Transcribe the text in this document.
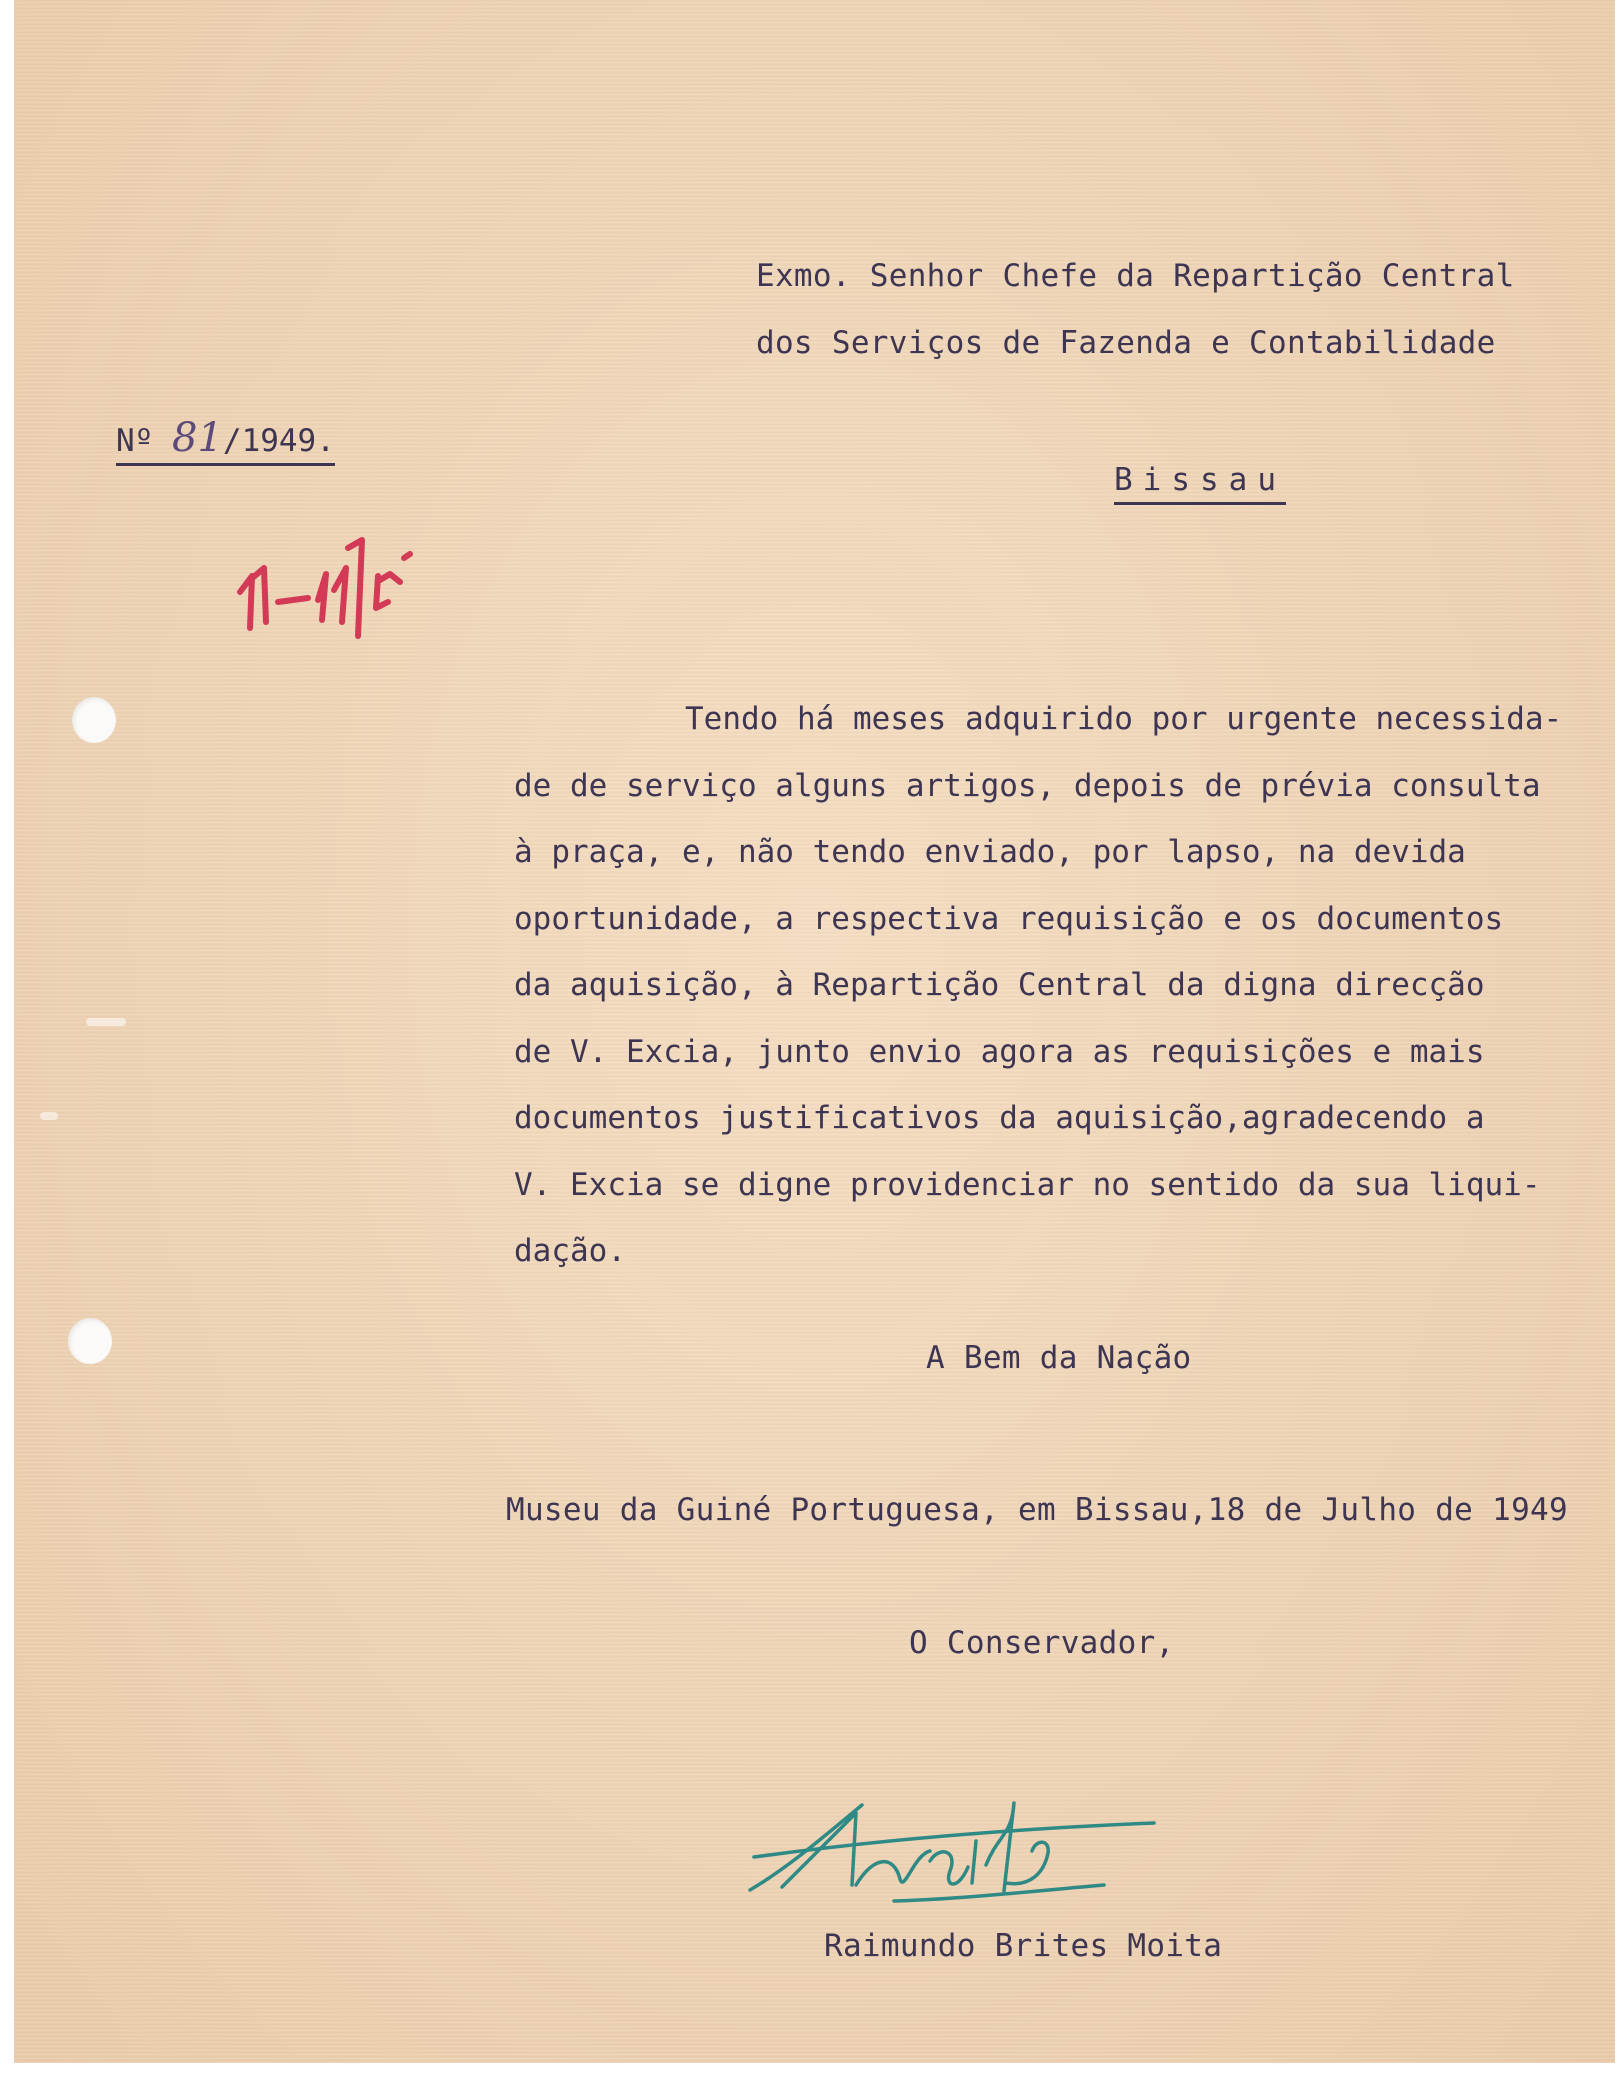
Exmo. Senhor Chefe da Repartição Central

dos Serviços de Fazenda e Contabilidade

Bissau

Nº 81/1949.
Tendo há meses adquirido por urgente necessida-
de de serviço alguns artigos, depois de prévia consulta
à praça, e, não tendo enviado, por lapso, na devida
oportunidade, a respectiva requisição e os documentos
da aquisição, à Repartição Central da digna direcção
de V. Excia, junto envio agora as requisições e mais
documentos justificativos da aquisição,agradecendo a
V. Excia se digne providenciar no sentido da sua liqui-
dação.

A Bem da Nação

Museu da Guiné Portuguesa, em Bissau,18 de Julho de 1949

O Conservador,

Raimundo Brites Moita
